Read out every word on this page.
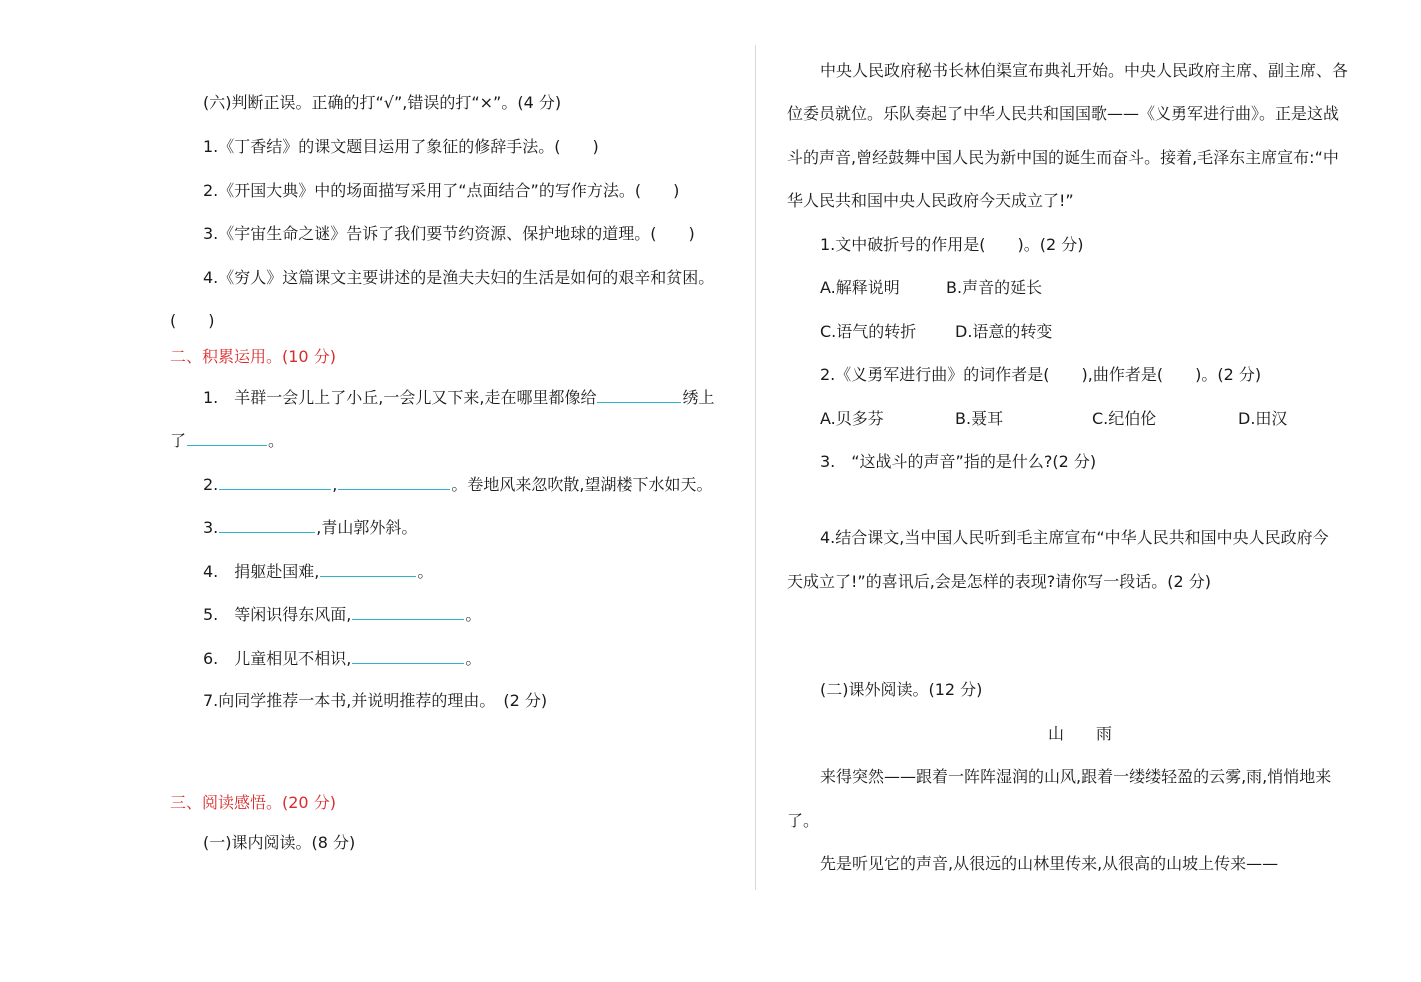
(六)判断正误。正确的打“√”,错误的打“×”。(4 分)
1.《丁香结》的课文题目运用了象征的修辞手法。(　　)
2.《开国大典》中的场面描写采用了“点面结合”的写作方法。(　　)
3.《宇宙生命之谜》告诉了我们要节约资源、保护地球的道理。(　　)
4.《穷人》这篇课文主要讲述的是渔夫夫妇的生活是如何的艰辛和贫困。
(　　)
二、积累运用。(10 分)
1.　羊群一会儿上了小丘,一会儿又下来,走在哪里都像给	绣上
了	。
2.	,	。卷地风来忽吹散,望湖楼下水如天。
3.	,青山郭外斜。
4.　捐躯赴国难,	。
5.　等闲识得东风面,	。
6.　儿童相见不相识,	。
7.向同学推荐一本书,并说明推荐的理由。　(2 分)
三、阅读感悟。(20 分)
(一)课内阅读。(8 分)
中央人民政府秘书长林伯渠宣布典礼开始。中央人民政府主席、副主席、各
位委员就位。乐队奏起了中华人民共和国国歌——《义勇军进行曲》。正是这战
斗的声音,曾经鼓舞中国人民为新中国的诞生而奋斗。接着,毛泽东主席宣布:“中
华人民共和国中央人民政府今天成立了!”
1.文中破折号的作用是(　　)。(2 分)
A.解释说明	B.声音的延长
C.语气的转折 D.语意的转变
2.《义勇军进行曲》的词作者是(　　),曲作者是(　　)。(2 分)
A.贝多芬	B.聂耳	C.纪伯伦	D.田汉
3.　“这战斗的声音”指的是什么?(2 分)
4.结合课文,当中国人民听到毛主席宣布“中华人民共和国中央人民政府今
天成立了!”的喜讯后,会是怎样的表现?请你写一段话。(2 分)
(二)课外阅读。(12 分)
山　　雨
来得突然——跟着一阵阵湿润的山风,跟着一缕缕轻盈的云雾,雨,悄悄地来
了。
先是听见它的声音,从很远的山林里传来,从很高的山坡上传来——
